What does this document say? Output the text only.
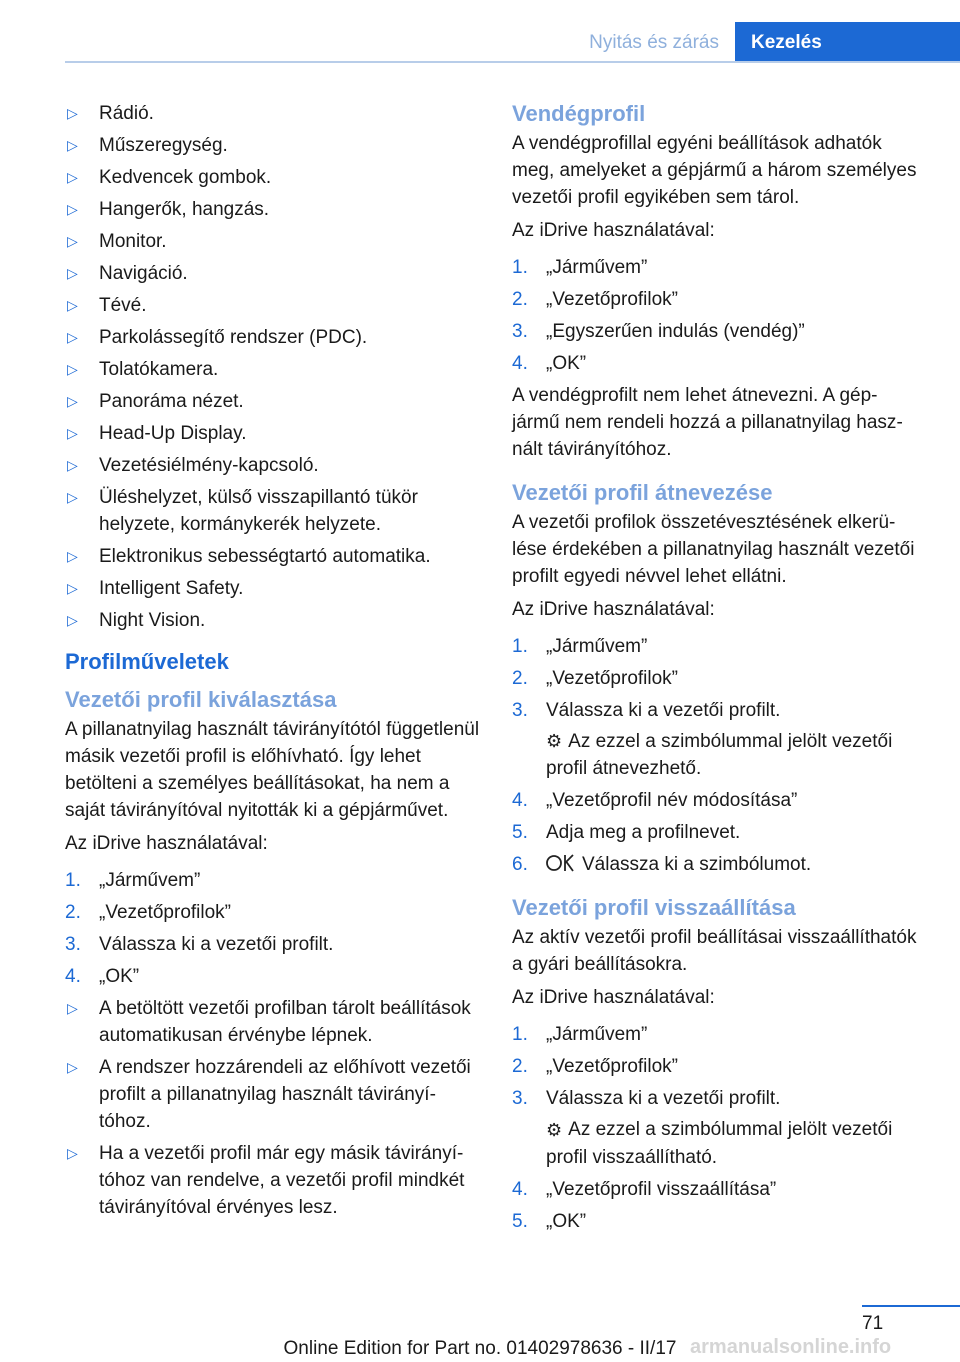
Nyitás és zárás	Kezelés
▷ Rádió.
▷ Műszeregység.
▷ Kedvencek gombok.
▷ Hangerők, hangzás.
▷ Monitor.
▷ Navigáció.
▷ Tévé.
▷ Parkolássegítő rendszer (PDC).
▷ Tolatókamera.
▷ Panoráma nézet.
▷ Head-Up Display.
▷ Vezetésiélmény-kapcsoló.
▷ Üléshelyzet, külső visszapillantó tükör helyzete, kormánykerék helyzete.
▷ Elektronikus sebességtartó automatika.
▷ Intelligent Safety.
▷ Night Vision.
Profilműveletek
Vezetői profil kiválasztása

A pillanatnyilag használt távirányítótól függetlenül másik vezetői profil is előhívható. Így lehet betölteni a személyes beállításokat, ha nem a saját távirányítóval nyitották ki a gépjárművet.

Az iDrive használatával:

1. „Járművem”
2. „Vezetőprofilok”
3. Válassza ki a vezetői profilt.
4. „OK”
▷ A betöltött vezetői profilban tárolt beállítások automatikusan érvénybe lépnek.
▷ A rendszer hozzárendeli az előhívott vezetői profilt a pillanatnyilag használt távirányítóhoz.
▷ Ha a vezetői profil már egy másik távirányítóhoz van rendelve, a vezetői profil mindkét távirányítóval érvényes lesz.
Vendégprofil

A vendégprofillal egyéni beállítások adhatók meg, amelyeket a gépjármű a három személyes vezetői profil egyikében sem tárol.

Az iDrive használatával:

1. „Járművem”
2. „Vezetőprofilok”
3. „Egyszerűen indulás (vendég)”
4. „OK”

A vendégprofilt nem lehet átnevezni. A gépjármű nem rendeli hozzá a pillanatnyilag használt távirányítóhoz.

Vezetői profil átnevezése

A vezetői profilok összetévesztésének elkerülése érdekében a pillanatnyilag használt vezetői profilt egyedi névvel lehet ellátni.

Az iDrive használatával:

1. „Járművem”
2. „Vezetőprofilok”
3. Válassza ki a vezetői profilt.
⚙ Az ezzel a szimbólummal jelölt vezetői profil átnevezhető.
4. „Vezetőprofil név módosítása”
5. Adja meg a profilnevet.
6.	Válassza ki a szimbólumot.
Vezetői profil visszaállítása

Az aktív vezetői profil beállításai visszaállíthatók a gyári beállításokra.

Az iDrive használatával:

1. „Járművem”
2. „Vezetőprofilok”
3. Válassza ki a vezetői profilt.
⚙ Az ezzel a szimbólummal jelölt vezetői profil visszaállítható.
4. „Vezetőprofil visszaállítása”
5. „OK”
71
Online Edition for Part no. 01402978636 - II/17 armanualsonline.info
